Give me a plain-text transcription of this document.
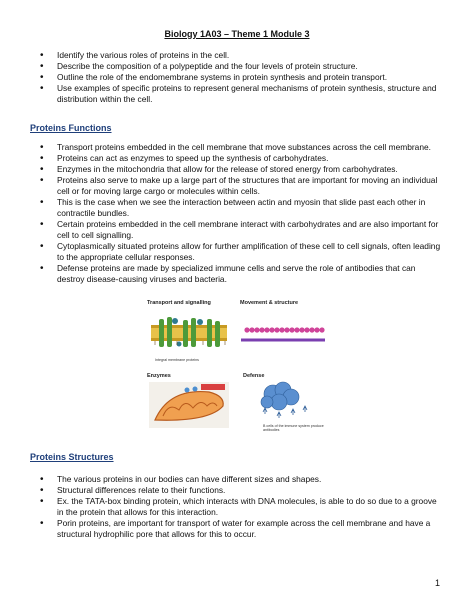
Biology 1A03 – Theme 1 Module 3
• Identify the various roles of proteins in the cell.
• Describe the composition of a polypeptide and the four levels of protein structure.
• Outline the role of the endomembrane systems in protein synthesis and protein transport.
• Use examples of specific proteins to represent general mechanisms of protein synthesis, structure and distribution within the cell.
Proteins Functions
• Transport proteins embedded in the cell membrane that move substances across the cell membrane.
• Proteins can act as enzymes to speed up the synthesis of carbohydrates.
• Enzymes in the mitochondria that allow for the release of stored energy from carbohydrates.
• Proteins also serve to make up a large part of the structures that are important for moving an individual cell or for moving large cargo or molecules within cells.
• This is the case when we see the interaction between actin and myosin that slide past each other in contractile bundles.
• Certain proteins embedded in the cell membrane interact with carbohydrates and are also important for cell to cell signalling.
• Cytoplasmically situated proteins allow for further amplification of these cell to cell signals, often leading to the appropriate cellular responses.
• Defense proteins are made by specialized immune cells and serve the role of antibodies that can destroy disease-causing viruses and bacteria.
Transport and signalling	Movement & structure
Integral membrane proteins
Enzymes	Defense
B cells of the immune system produce antibodies
Proteins Structures
• The various proteins in our bodies can have different sizes and shapes.
• Structural differences relate to their functions.
• Ex. the TATA-box binding protein, which interacts with DNA molecules, is able to do so due to a groove in the protein that allows for this interaction.
• Porin proteins, are important for transport of water for example across the cell membrane and have a structural hydrophilic pore that allows for this to occur.
1
